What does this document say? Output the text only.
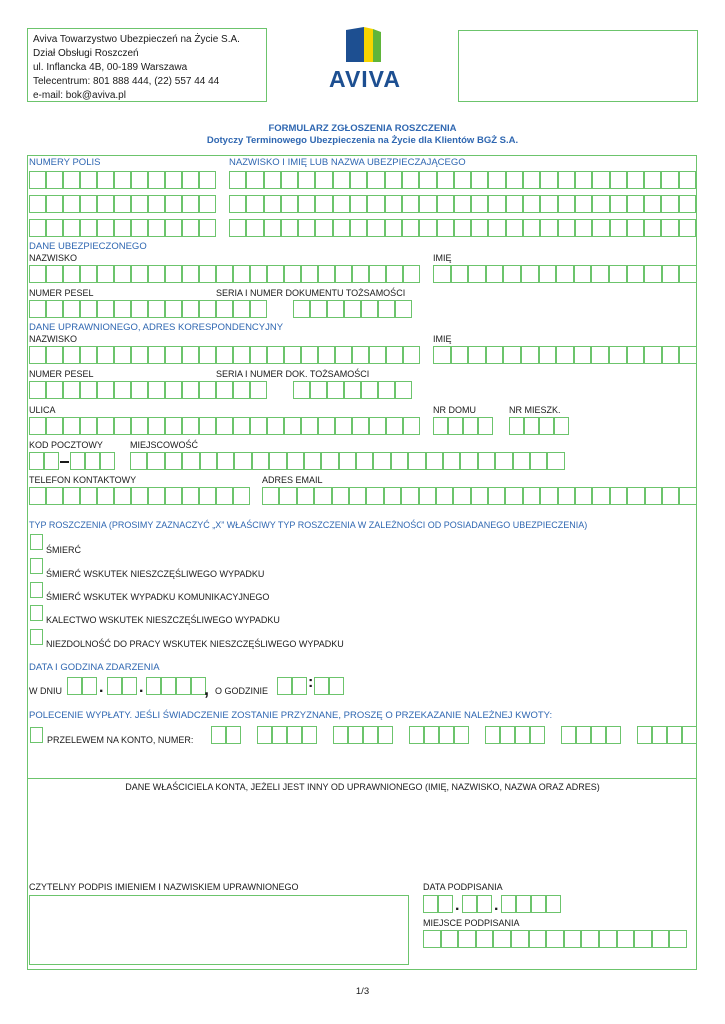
Aviva Towarzystwo Ubezpieczeń na Życie S.A.
Dział Obsługi Roszczeń
ul. Inflancka 4B, 00-189 Warszawa
Telecentrum: 801 888 444, (22) 557 44 44
e-mail: bok@aviva.pl
AVIVA
FORMULARZ ZGŁOSZENIA ROSZCZENIA
Dotyczy Terminowego Ubezpieczenia na Życie dla Klientów BGŻ S.A.
NUMERY POLIS	NAZWISKO I IMIĘ LUB NAZWA UBEZPIECZAJĄCEGO
DANE UBEZPIECZONEGO
NAZWISKO	IMIĘ
NUMER PESEL	SERIA I NUMER DOKUMENTU TOŻSAMOŚCI
DANE UPRAWNIONEGO, ADRES KORESPONDENCYJNY
NAZWISKO	IMIĘ
NUMER PESEL	SERIA I NUMER DOK. TOŻSAMOŚCI
ULICA	NR DOMU	NR MIESZK.
KOD POCZTOWY	MIEJSCOWOŚĆ
TELEFON KONTAKTOWY	ADRES EMAIL
TYP ROSZCZENIA (PROSIMY ZAZNACZYĆ „X” WŁAŚCIWY TYP ROSZCZENIA W ZALEŻNOŚCI OD POSIADANEGO UBEZPIECZENIA)
ŚMIERĆ
ŚMIERĆ WSKUTEK NIESZCZĘŚLIWEGO WYPADKU
ŚMIERĆ WSKUTEK WYPADKU KOMUNIKACYJNEGO
KALECTWO WSKUTEK NIESZCZĘŚLIWEGO WYPADKU
NIEZDOLNOŚĆ DO PRACY WSKUTEK NIESZCZĘŚLIWEGO WYPADKU
DATA I GODZINA ZDARZENIA
W DNIU . .	, O GODZINIE :
POLECENIE WYPŁATY. JEŚLI ŚWIADCZENIE ZOSTANIE PRZYZNANE, PROSZĘ O PRZEKAZANIE NALEŻNEJ KWOTY:
PRZELEWEM NA KONTO, NUMER:
DANE WŁAŚCICIELA KONTA, JEŻELI JEST INNY OD UPRAWNIONEGO (IMIĘ, NAZWISKO, NAZWA ORAZ ADRES)
CZYTELNY PODPIS IMIENIEM I NAZWISKIEM UPRAWNIONEGO	DATA PODPISANIA
. .
MIEJSCE PODPISANIA
1/3
